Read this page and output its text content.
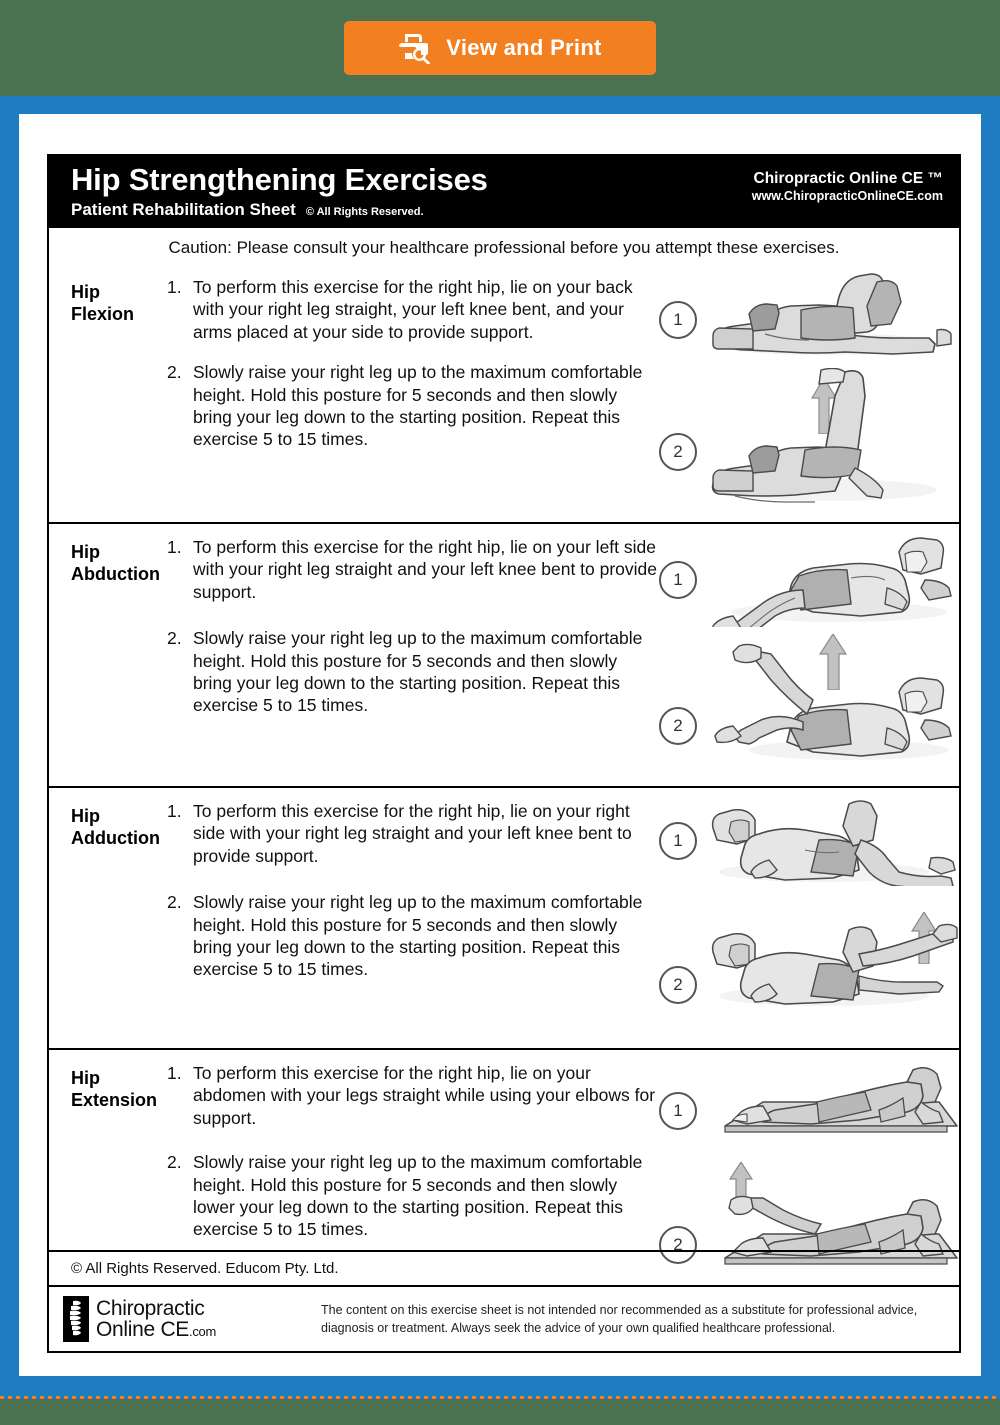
View and Print
Hip Strengthening Exercises
Patient Rehabilitation Sheet © All Rights Reserved.
Chiropractic Online CE ™
www.ChiropracticOnlineCE.com
Caution: Please consult your healthcare professional before you attempt these exercises.
Hip
Flexion
1. To perform this exercise for the right hip, lie on your back with your right leg straight, your left knee bent, and your arms placed at your side to provide support.
2. Slowly raise your right leg up to the maximum comfortable height. Hold this posture for 5 seconds and then slowly bring your leg down to the starting position. Repeat this exercise 5 to 15 times.
1
2
Hip
Abduction
1. To perform this exercise for the right hip, lie on your left side with your right leg straight and your left knee bent to provide support.
2. Slowly raise your right leg up to the maximum comfortable height. Hold this posture for 5 seconds and then slowly bring your leg down to the starting position. Repeat this exercise 5 to 15 times.
1
2
Hip
Adduction
1. To perform this exercise for the right hip, lie on your right side with your right leg straight and your left knee bent to provide support.
2. Slowly raise your right leg up to the maximum comfortable height. Hold this posture for 5 seconds and then slowly bring your leg down to the starting position. Repeat this exercise 5 to 15 times.
1
2
Hip
Extension
1. To perform this exercise for the right hip, lie on your abdomen with your legs straight while using your elbows for support.
2. Slowly raise your right leg up to the maximum comfortable height. Hold this posture for 5 seconds and then slowly lower your leg down to the starting position. Repeat this exercise 5 to 15 times.
1
2
© All Rights Reserved. Educom Pty. Ltd.
Chiropractic
Online CE.com
The content on this exercise sheet is not intended nor recommended as a substitute for professional advice, diagnosis or treatment. Always seek the advice of your own qualified healthcare professional.
